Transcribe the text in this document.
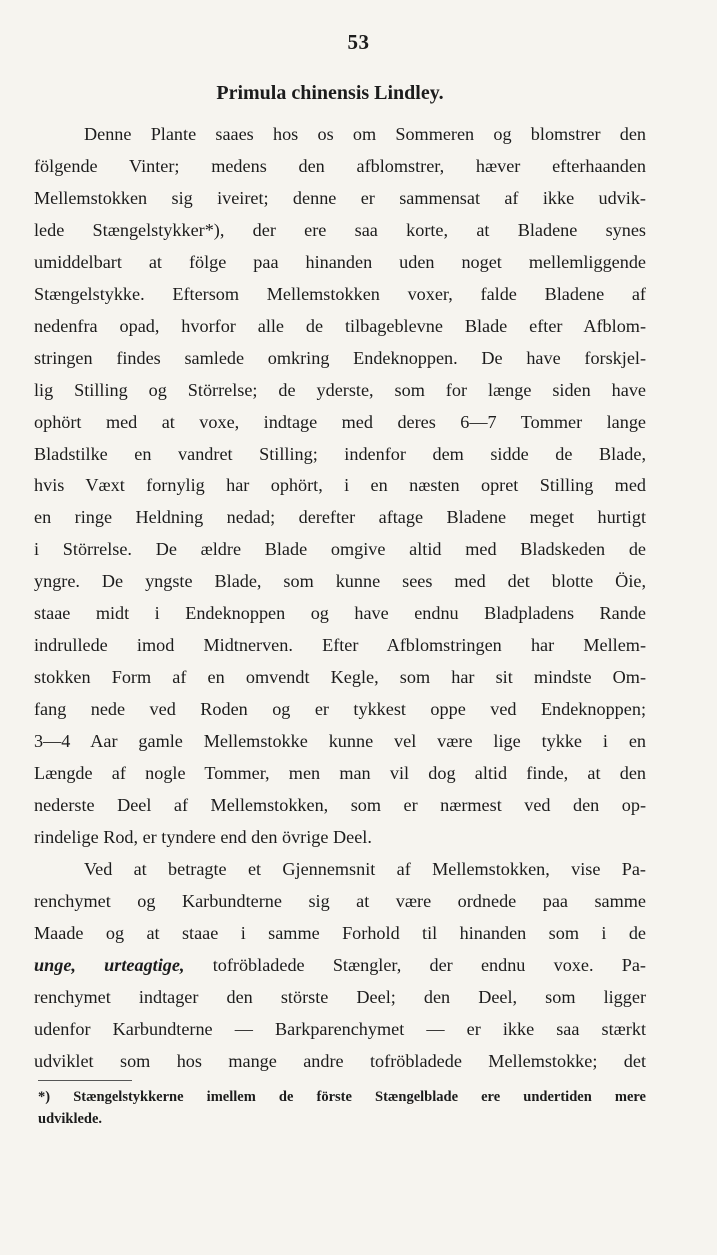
53
Primula chinensis Lindley.
Denne Plante saaes hos os om Sommeren og blomstrer den
fölgende Vinter; medens den afblomstrer, hæver efterhaanden
Mellemstokken sig iveiret; denne er sammensat af ikke udvik-
lede Stængelstykker*), der ere saa korte, at Bladene synes
umiddelbart at fölge paa hinanden uden noget mellemliggende
Stængelstykke. Eftersom Mellemstokken voxer, falde Bladene af
nedenfra opad, hvorfor alle de tilbageblevne Blade efter Afblom-
stringen findes samlede omkring Endeknoppen. De have forskjel-
lig Stilling og Störrelse; de yderste, som for længe siden have
ophört med at voxe, indtage med deres 6—7 Tommer lange
Bladstilke en vandret Stilling; indenfor dem sidde de Blade,
hvis Væxt fornylig har ophört, i en næsten opret Stilling med
en ringe Heldning nedad; derefter aftage Bladene meget hurtigt
i Störrelse. De ældre Blade omgive altid med Bladskeden de
yngre. De yngste Blade, som kunne sees med det blotte Öie,
staae midt i Endeknoppen og have endnu Bladpladens Rande
indrullede imod Midtnerven. Efter Afblomstringen har Mellem-
stokken Form af en omvendt Kegle, som har sit mindste Om-
fang nede ved Roden og er tykkest oppe ved Endeknoppen;
3—4 Aar gamle Mellemstokke kunne vel være lige tykke i en
Længde af nogle Tommer, men man vil dog altid finde, at den
nederste Deel af Mellemstokken, som er nærmest ved den op-
rindelige Rod, er tyndere end den övrige Deel.
Ved at betragte et Gjennemsnit af Mellemstokken, vise Pa-
renchymet og Karbundterne sig at være ordnede paa samme
Maade og at staae i samme Forhold til hinanden som i de
unge, urteagtige, tofröbladede Stængler, der endnu voxe. Pa-
renchymet indtager den störste Deel; den Deel, som ligger
udenfor Karbundterne — Barkparenchymet — er ikke saa stærkt
udviklet som hos mange andre tofröbladede Mellemstokke; det
*) Stængelstykkerne imellem de förste Stængelblade ere undertiden mere
udviklede.
